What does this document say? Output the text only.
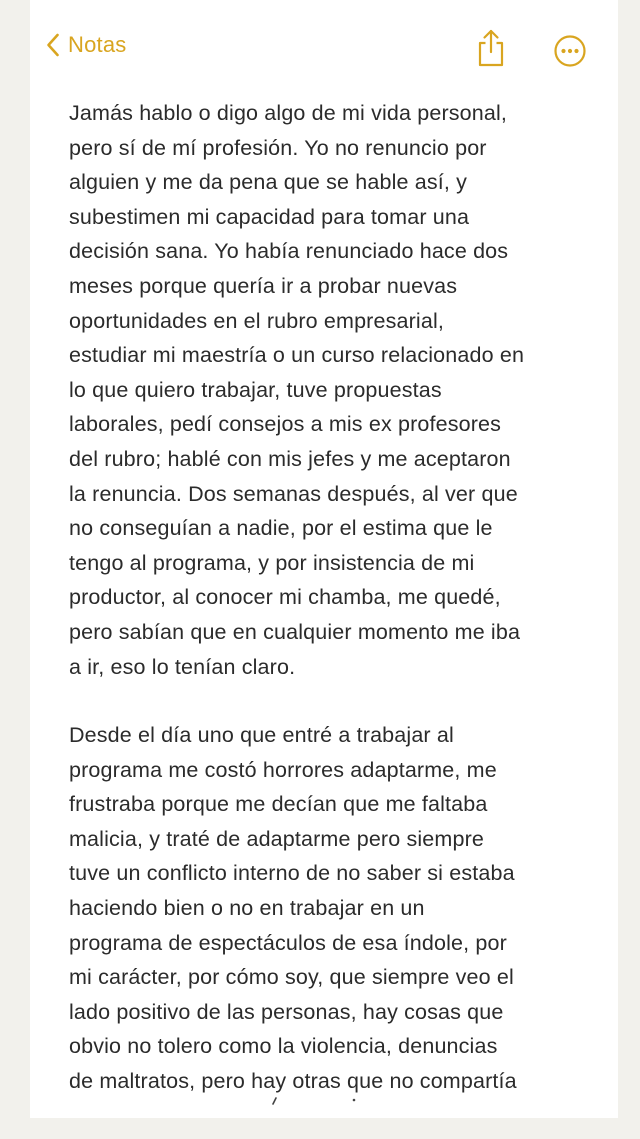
Notas

Jamás hablo o digo algo de mi vida personal,
pero sí de mí profesión. Yo no renuncio por
alguien y me da pena que se hable así, y
subestimen mi capacidad para tomar una
decisión sana. Yo había renunciado hace dos
meses porque quería ir a probar nuevas
oportunidades en el rubro empresarial,
estudiar mi maestría o un curso relacionado en
lo que quiero trabajar, tuve propuestas
laborales, pedí consejos a mis ex profesores
del rubro; hablé con mis jefes y me aceptaron
la renuncia. Dos semanas después, al ver que
no conseguían a nadie, por el estima que le
tengo al programa, y por insistencia de mi
productor, al conocer mi chamba, me quedé,
pero sabían que en cualquier momento me iba
a ir, eso lo tenían claro.

Desde el día uno que entré a trabajar al
programa me costó horrores adaptarme, me
frustraba porque me decían que me faltaba
malicia, y traté de adaptarme pero siempre
tuve un conflicto interno de no saber si estaba
haciendo bien o no en trabajar en un
programa de espectáculos de esa índole, por
mi carácter, por cómo soy, que siempre veo el
lado positivo de las personas, hay cosas que
obvio no tolero como la violencia, denuncias
de maltratos, pero hay otras que no compartía
